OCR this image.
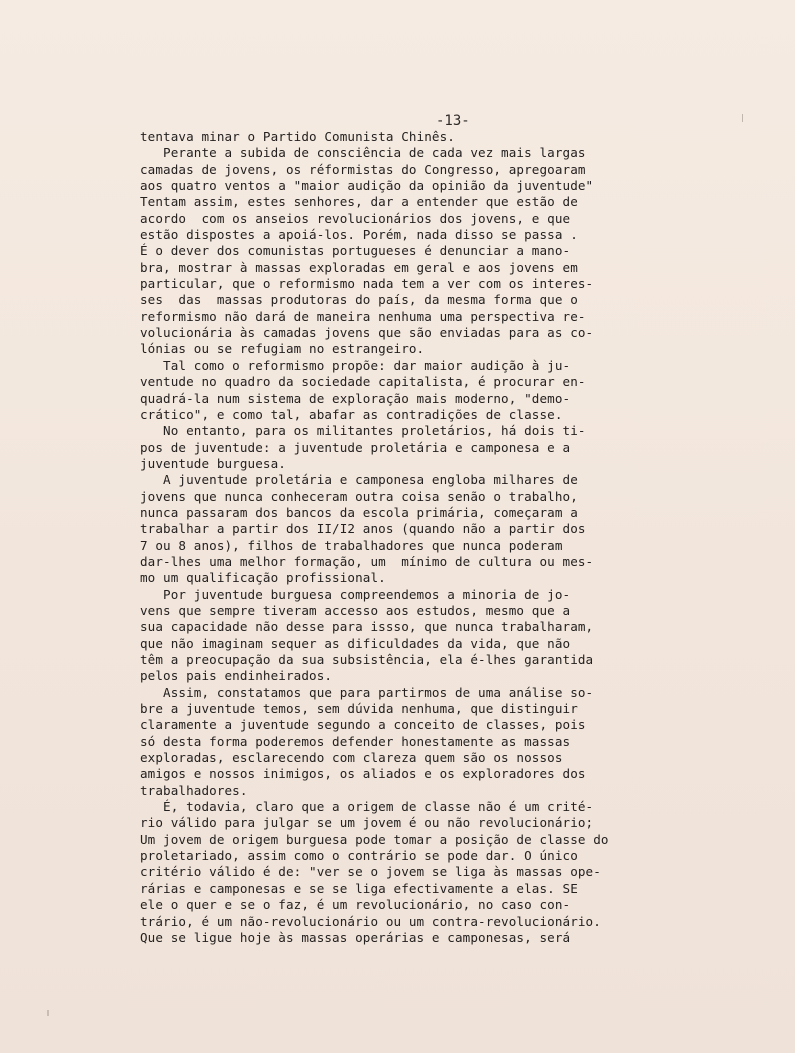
-13-
tentava minar o Partido Comunista Chinês.
Perante a subida de consciência de cada vez mais largas
camadas de jovens, os réformistas do Congresso, apregoaram
aos quatro ventos a "maior audição da opinião da juventude"
Tentam assim, estes senhores, dar a entender que estão de
acordo  com os anseios revolucionários dos jovens, e que
estão dispostes a apoiá-los. Porém, nada disso se passa .
É o dever dos comunistas portugueses é denunciar a mano-
bra, mostrar à massas exploradas em geral e aos jovens em
particular, que o reformismo nada tem a ver com os interes-
ses  das  massas produtoras do país, da mesma forma que o
reformismo não dará de maneira nenhuma uma perspectiva re-
volucionária às camadas jovens que são enviadas para as co-
lónias ou se refugiam no estrangeiro.
Tal como o reformismo propõe: dar maior audição à ju-
ventude no quadro da sociedade capitalista, é procurar en-
quadrá-la num sistema de exploração mais moderno, "demo-
crático", e como tal, abafar as contradições de classe.
No entanto, para os militantes proletários, há dois ti-
pos de juventude: a juventude proletária e camponesa e a
juventude burguesa.
A juventude proletária e camponesa engloba milhares de
jovens que nunca conheceram outra coisa senão o trabalho,
nunca passaram dos bancos da escola primária, começaram a
trabalhar a partir dos II/I2 anos (quando não a partir dos
7 ou 8 anos), filhos de trabalhadores que nunca poderam
dar-lhes uma melhor formação, um  mínimo de cultura ou mes-
mo um qualificação profissional.
Por juventude burguesa compreendemos a minoria de jo-
vens que sempre tiveram accesso aos estudos, mesmo que a
sua capacidade não desse para issso, que nunca trabalharam,
que não imaginam sequer as dificuldades da vida, que não
têm a preocupação da sua subsistência, ela é-lhes garantida
pelos pais endinheirados.
Assim, constatamos que para partirmos de uma análise so-
bre a juventude temos, sem dúvida nenhuma, que distinguir
claramente a juventude segundo a conceito de classes, pois
só desta forma poderemos defender honestamente as massas
exploradas, esclarecendo com clareza quem são os nossos
amigos e nossos inimigos, os aliados e os exploradores dos
trabalhadores.
É, todavia, claro que a origem de classe não é um crité-
rio válido para julgar se um jovem é ou não revolucionário;
Um jovem de origem burguesa pode tomar a posição de classe do
proletariado, assim como o contrário se pode dar. O único
critério válido é de: "ver se o jovem se liga às massas ope-
rárias e camponesas e se se liga efectivamente a elas. SE
ele o quer e se o faz, é um revolucionário, no caso con-
trário, é um não-revolucionário ou um contra-revolucionário.
Que se ligue hoje às massas operárias e camponesas, será
